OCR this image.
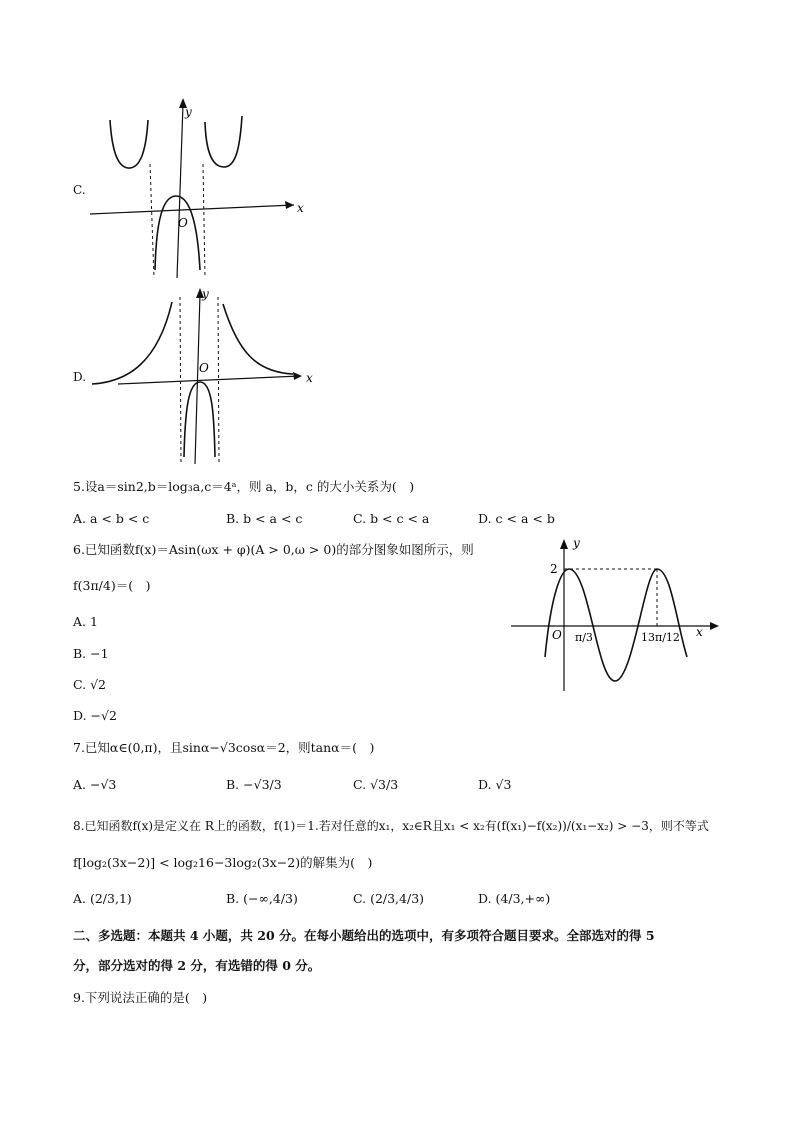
C.
y
x
O
D.
y
x
O
5.设a＝sin2,b＝log₃a,c＝4ᵃ，则 a，b，c 的大小关系为(　)
A. a < b < c	B. b < a < c	C. b < c < a	D. c < a < b
6.已知函数f(x)＝Asin(ωx + φ)(A > 0,ω > 0)的部分图象如图所示，则
f(3π/4)＝(　)
A. 1
B. −1
C. √2
D. −√2
y
x
O
2
π/3	13π/12
7.已知α∈(0,π)，且sinα−√3cosα＝2，则tanα＝(　)
A. −√3	B. −√3/3	C. √3/3	D. √3
8.已知函数f(x)是定义在 R上的函数，f(1)＝1.若对任意的x₁，x₂∈R且x₁ < x₂有(f(x₁)−f(x₂))/(x₁−x₂) > −3，则不等式
f[log₂(3x−2)] < log₂16−3log₂(3x−2)的解集为(　)
A. (2/3,1)	B. (−∞,4/3)	C. (2/3,4/3)	D. (4/3,+∞)
二、多选题：本题共 4 小题，共 20 分。在每小题给出的选项中，有多项符合题目要求。全部选对的得 5
分，部分选对的得 2 分，有选错的得 0 分。
9.下列说法正确的是(　)
